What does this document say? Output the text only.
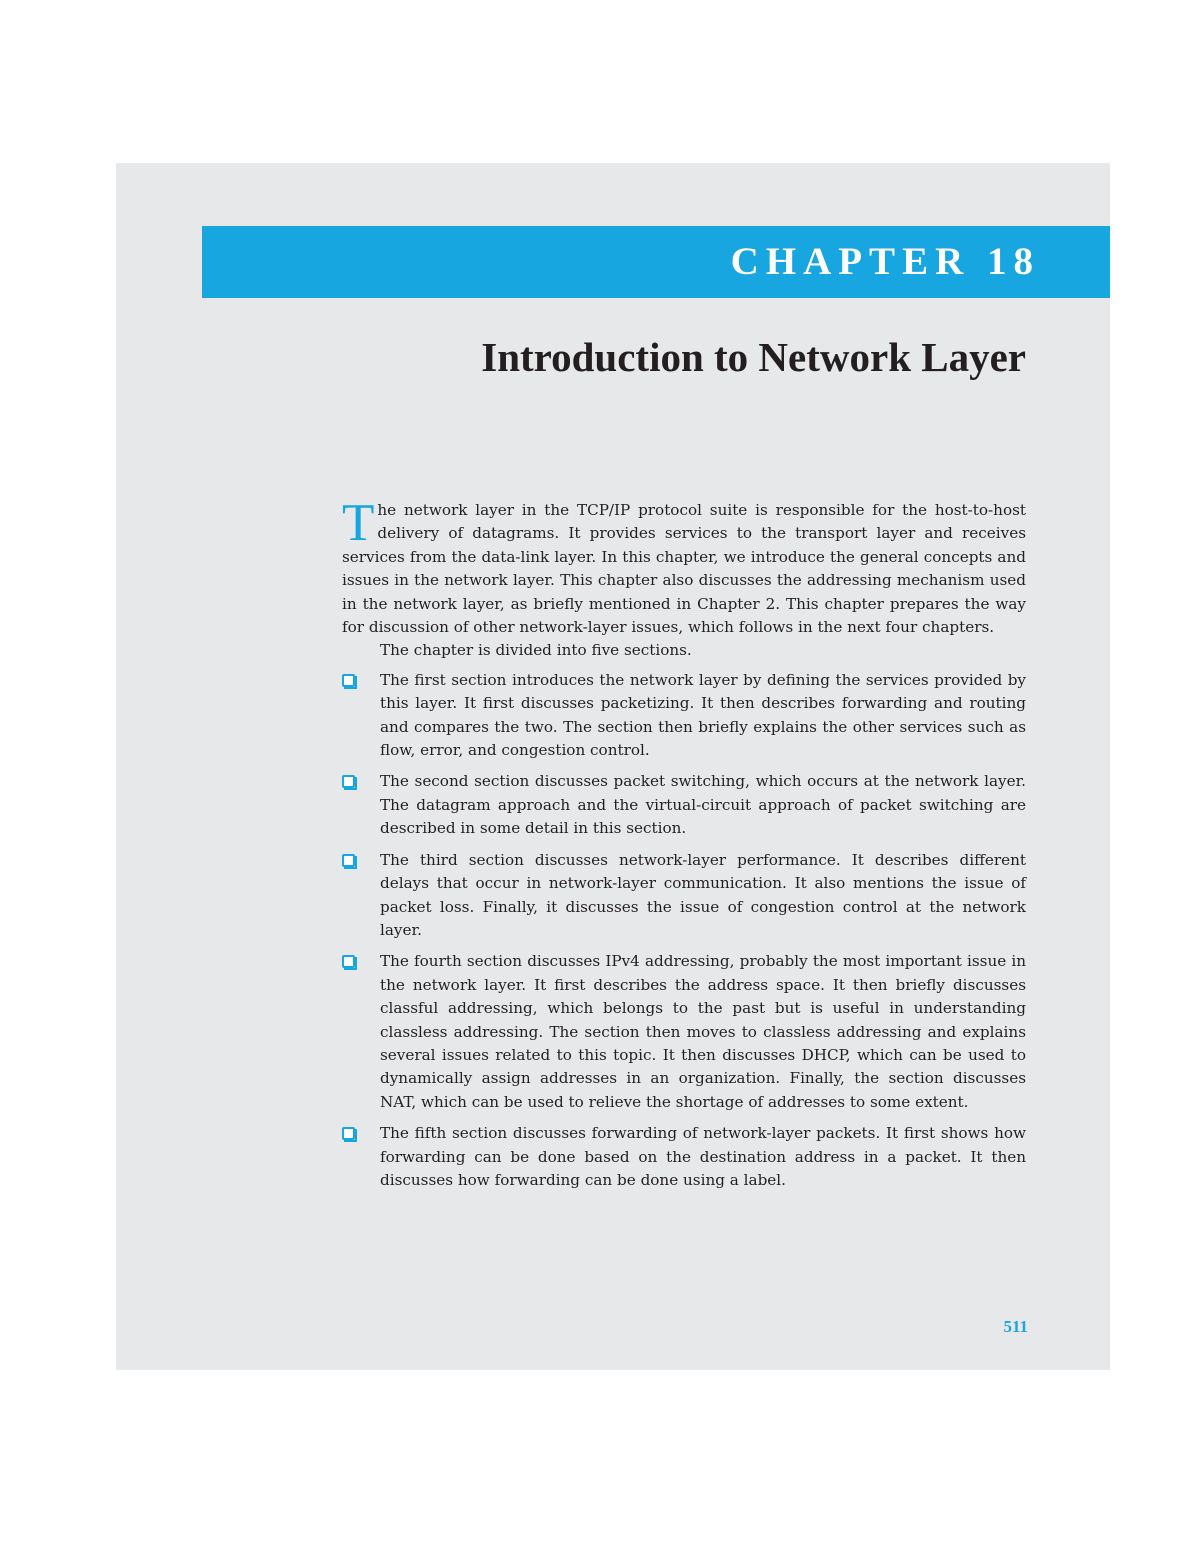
CHAPTER 18
Introduction to Network Layer

The network layer in the TCP/IP protocol suite is responsible for the host-to-host delivery of datagrams. It provides services to the transport layer and receives services from the data-link layer. In this chapter, we introduce the general concepts and issues in the network layer. This chapter also discusses the addressing mechanism used in the network layer, as briefly mentioned in Chapter 2. This chapter prepares the way for discussion of other network-layer issues, which follows in the next four chapters.

The chapter is divided into five sections.

The first section introduces the network layer by defining the services provided by this layer. It first discusses packetizing. It then describes forwarding and routing and compares the two. The section then briefly explains the other services such as flow, error, and congestion control.
The second section discusses packet switching, which occurs at the network layer. The datagram approach and the virtual-circuit approach of packet switching are described in some detail in this section.
The third section discusses network-layer performance. It describes different delays that occur in network-layer communication. It also mentions the issue of packet loss. Finally, it discusses the issue of congestion control at the network layer.
The fourth section discusses IPv4 addressing, probably the most important issue in the network layer. It first describes the address space. It then briefly discusses classful addressing, which belongs to the past but is useful in understanding classless addressing. The section then moves to classless addressing and explains several issues related to this topic. It then discusses DHCP, which can be used to dynamically assign addresses in an organization. Finally, the section discusses NAT, which can be used to relieve the shortage of addresses to some extent.
The fifth section discusses forwarding of network-layer packets. It first shows how forwarding can be done based on the destination address in a packet. It then discusses how forwarding can be done using a label.
511
